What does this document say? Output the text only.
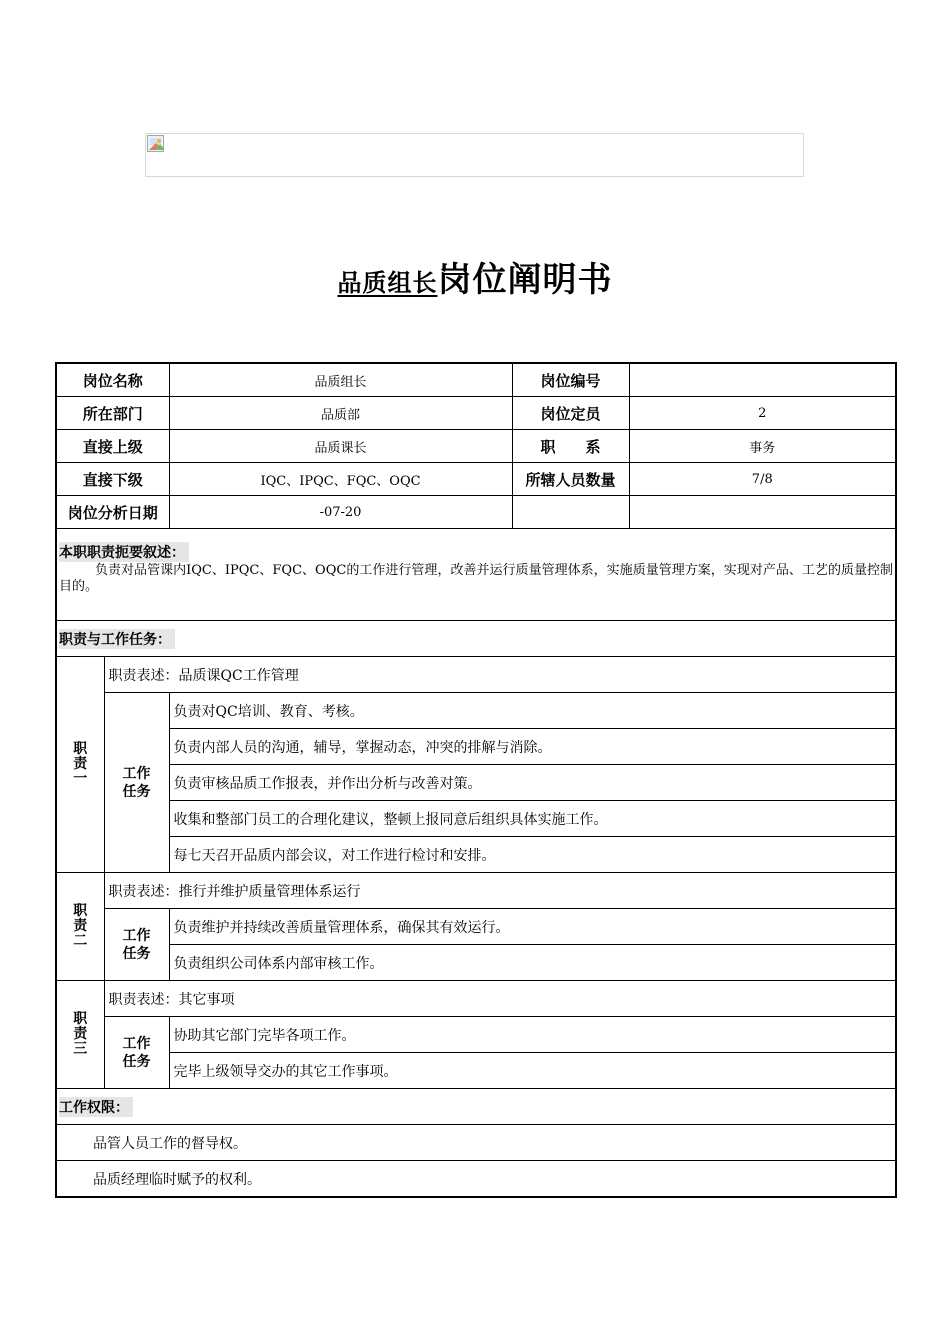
品质组长岗位阐明书
岗位名称		品质组长	岗位编号	
所在部门		品质部	岗位定员	2
直接上级		品质课长	职　　系	事务
直接下级		IQC、IPQC、FQC、OQC	所辖人员数量	7/8
岗位分析日期		-07-20		

本职职责扼要叙述：
负责对品管课内IQC、IPQC、FQC、OQC的工作进行管理，改善并运行质量管理体系，实施质量管理方案，实现对产品、工艺的质量控制目的。				

职责与工作任务：				

职
责
一	职责表述：品质课QC工作管理			

	工作
任务	负责对QC培训、教育、考核。		
		负责内部人员的沟通，辅导，掌握动态，冲突的排解与消除。		
		负责审核品质工作报表，并作出分析与改善对策。		
		收集和整部门员工的合理化建议，整顿上报同意后组织具体实施工作。		
		每七天召开品质内部会议，对工作进行检讨和安排。		

职
责
二	职责表述：推行并维护质量管理体系运行			

	工作
任务	负责维护并持续改善质量管理体系，确保其有效运行。		
		负责组织公司体系内部审核工作。		

职
责
三	职责表述：其它事项			

	工作
任务	协助其它部门完毕各项工作。		
		完毕上级领导交办的其它工作事项。		
工作权限：				
品管人员工作的督导权。				
品质经理临时赋予的权利。				
